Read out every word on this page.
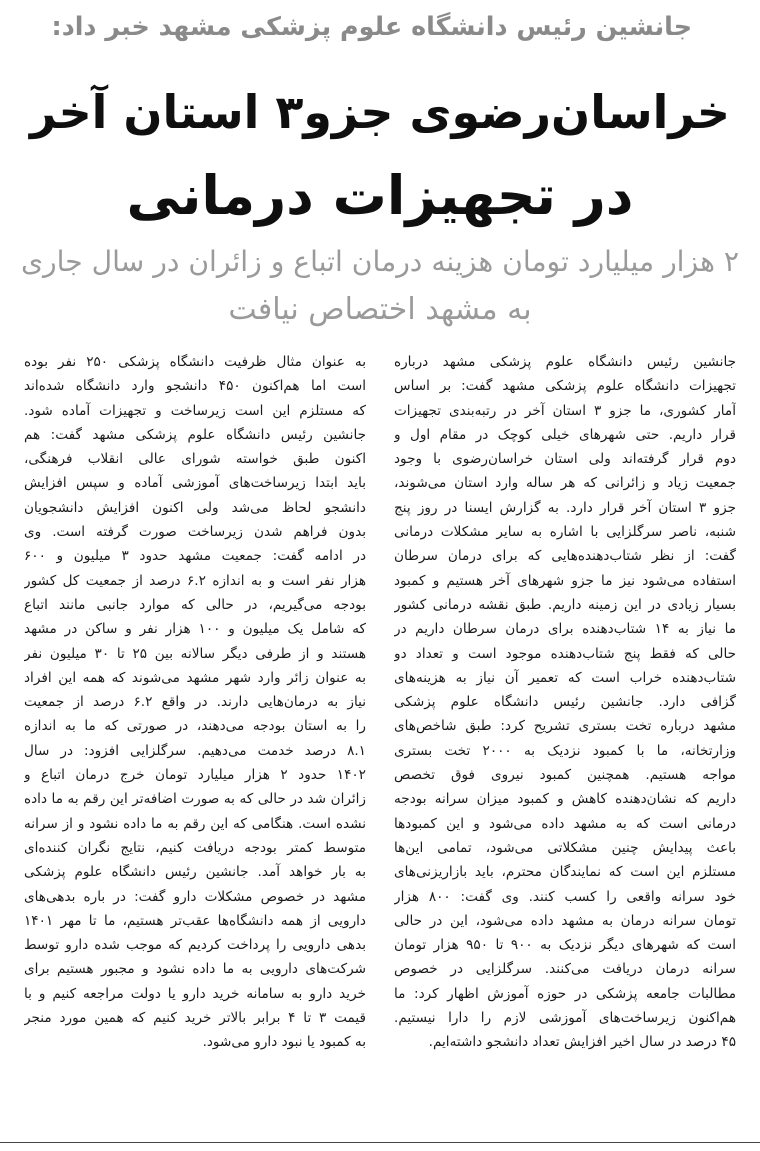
جانشین رئیس دانشگاه علوم پزشکی مشهد خبر داد:
خراسان‌رضوی جزو۳ استان آخر
در تجهیزات درمانی
۲ هزار میلیارد تومان هزینه درمان اتباع و زائران در سال جاری
به مشهد اختصاص نیافت
جانشین رئیس دانشگاه علوم پزشکی مشهد درباره
تجهیزات دانشگاه علوم پزشکی مشهد گفت: بر اساس
آمار کشوری، ما جزو ۳ استان آخر در رتبه‌بندی تجهیزات
قرار داریم. حتی شهرهای خیلی کوچک در مقام اول و
دوم قرار گرفته‌اند ولی استان خراسان‌رضوی با وجود
جمعیت زیاد و زائرانی که هر ساله وارد استان می‌شوند،
جزو ۳ استان آخر قرار دارد. به گزارش ایسنا در روز پنج
شنبه، ناصر سرگلزایی با اشاره به سایر مشکلات درمانی
گفت: از نظر شتاب‌دهنده‌هایی که برای درمان سرطان
استفاده می‌شود نیز ما جزو شهرهای آخر هستیم و کمبود
بسیار زیادی در این زمینه داریم. طبق نقشه درمانی کشور
ما نیاز به ۱۴ شتاب‌دهنده برای درمان سرطان داریم در
حالی که فقط پنج شتاب‌دهنده موجود است و تعداد دو
شتاب‌دهنده خراب است که تعمیر آن نیاز به هزینه‌های
گزافی دارد. جانشین رئیس دانشگاه علوم پزشکی
مشهد درباره تخت بستری تشریح کرد: طبق شاخص‌های
وزارتخانه، ما با کمبود نزدیک به ۲۰۰۰ تخت بستری
مواجه هستیم. همچنین کمبود نیروی فوق تخصص
داریم که نشان‌دهنده کاهش و کمبود میزان سرانه بودجه
درمانی است که به مشهد داده می‌شود و این کمبودها
باعث پیدایش چنین مشکلاتی می‌شود، تمامی این‌ها
مستلزم این است که نمایندگان محترم، باید بازاریزنی‌های
خود سرانه واقعی را کسب کنند. وی گفت: ۸۰۰ هزار
تومان سرانه درمان به مشهد داده می‌شود، این در حالی
است که شهرهای دیگر نزدیک به ۹۰۰ تا ۹۵۰ هزار تومان
سرانه درمان دریافت می‌کنند. سرگلزایی در خصوص
مطالبات جامعه پزشکی در حوزه آموزش اظهار کرد: ما
هم‌اکنون زیرساخت‌های آموزشی لازم را دارا نیستیم.
۴۵ درصد در سال اخیر افزایش تعداد دانشجو داشته‌ایم.
به عنوان مثال ظرفیت دانشگاه پزشکی ۲۵۰ نفر بوده
است اما هم‌اکنون ۴۵۰ دانشجو وارد دانشگاه شده‌اند
که مستلزم این است زیرساخت و تجهیزات آماده شود.
جانشین رئیس دانشگاه علوم پزشکی مشهد گفت: هم
اکنون طبق خواسته شورای عالی انقلاب فرهنگی،
باید ابتدا زیرساخت‌های آموزشی آماده و سپس افزایش
دانشجو لحاظ می‌شد ولی اکنون افزایش دانشجویان
بدون فراهم شدن زیرساخت صورت گرفته است. وی
در ادامه گفت: جمعیت مشهد حدود ۳ میلیون و ۶۰۰
هزار نفر است و به اندازه ۶.۲ درصد از جمعیت کل کشور
بودجه می‌گیریم، در حالی که موارد جانبی مانند اتباع
که شامل یک میلیون و ۱۰۰ هزار نفر و ساکن در مشهد
هستند و از طرفی دیگر سالانه بین ۲۵ تا ۳۰ میلیون نفر
به عنوان زائر وارد شهر مشهد می‌شوند که همه این افراد
نیاز به درمان‌هایی دارند. در واقع ۶.۲ درصد از جمعیت
را به استان بودجه می‌دهند، در صورتی که ما به اندازه
۸.۱ درصد خدمت می‌دهیم. سرگلزایی افزود: در سال
۱۴۰۲ حدود ۲ هزار میلیارد تومان خرج درمان اتباع و
زائران شد در حالی که به صورت اضافه‌تر این رقم به ما داده
نشده است. هنگامی که این رقم به ما داده نشود و از سرانه
متوسط کمتر بودجه دریافت کنیم، نتایج نگران کننده‌ای
به بار خواهد آمد. جانشین رئیس دانشگاه علوم پزشکی
مشهد در خصوص مشکلات دارو گفت: در باره بدهی‌های
دارویی از همه دانشگاه‌ها عقب‌تر هستیم، ما تا مهر ۱۴۰۱
بدهی دارویی را پرداخت کردیم که موجب شده دارو توسط
شرکت‌های دارویی به ما داده نشود و مجبور هستیم برای
خرید دارو به سامانه خرید دارو یا دولت مراجعه کنیم و با
قیمت ۳ تا ۴ برابر بالاتر خرید کنیم که همین مورد منجر
به کمبود یا نبود دارو می‌شود.
